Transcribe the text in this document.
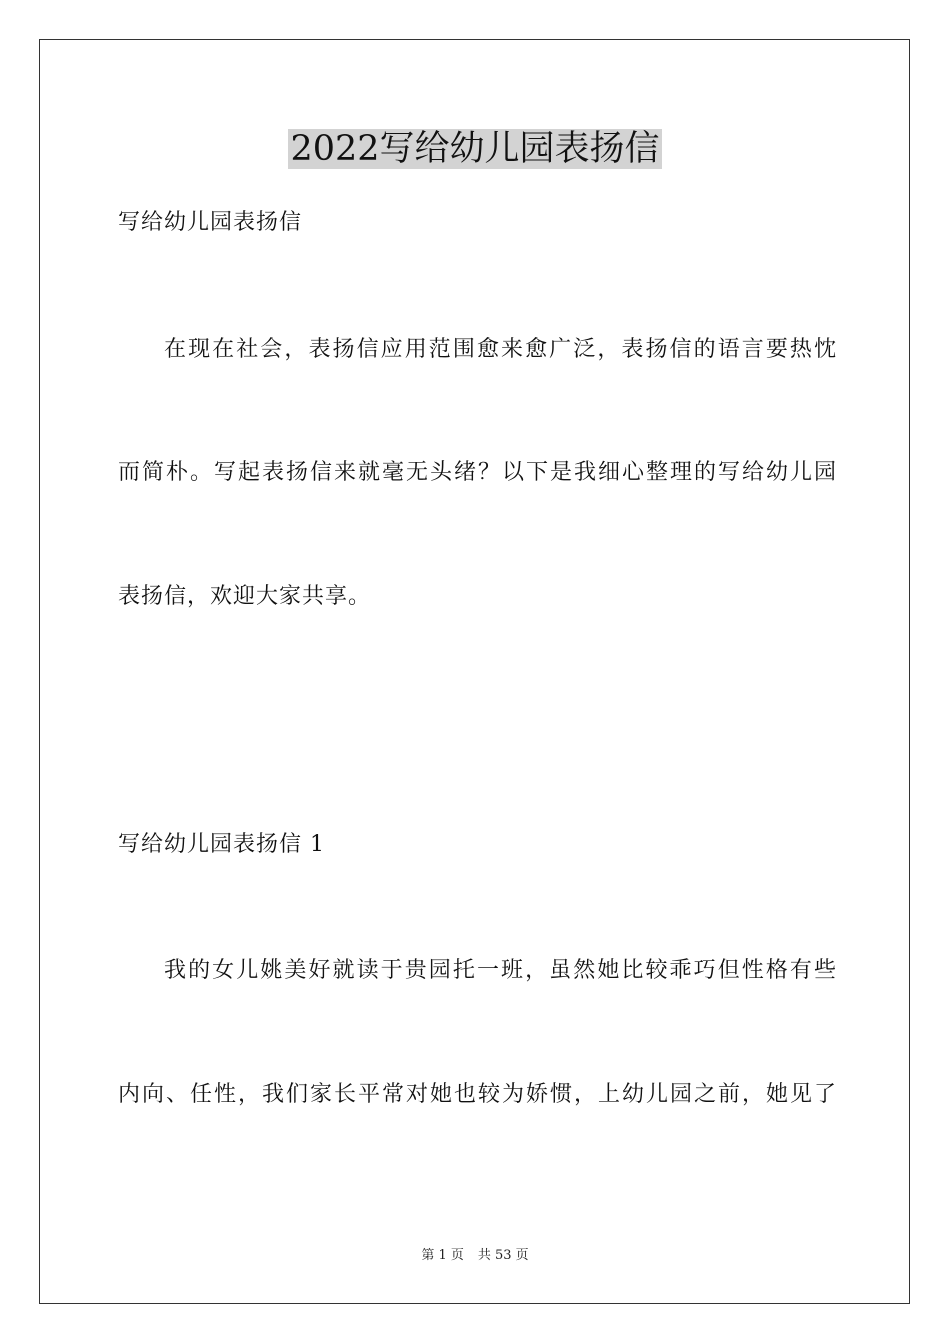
2022写给幼儿园表扬信
写给幼儿园表扬信
在现在社会，表扬信应用范围愈来愈广泛，表扬信的语言要热忱
而简朴。写起表扬信来就毫无头绪？以下是我细心整理的写给幼儿园
表扬信，欢迎大家共享。
写给幼儿园表扬信 1
我的女儿姚美好就读于贵园托一班，虽然她比较乖巧但性格有些
内向、任性，我们家长平常对她也较为娇惯，上幼儿园之前，她见了
第 1 页 共 53 页
